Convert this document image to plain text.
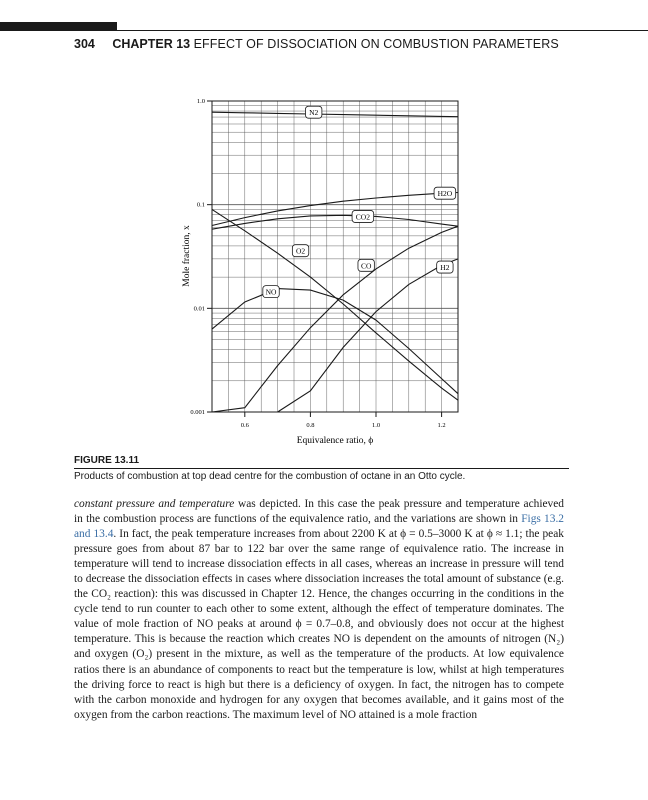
304 CHAPTER 13 EFFECT OF DISSOCIATION ON COMBUSTION PARAMETERS
0.6	0.8	1.0	1.2
0.001
0.01
0.1
1.0
N2
H2O
CO2
O2
CO
NO
H2
Equivalence ratio, ϕ
Mole fraction, x
FIGURE 13.11
Products of combustion at top dead centre for the combustion of octane in an Otto cycle.

constant pressure and temperature was depicted. In this case the peak pressure and temperature achieved in the combustion process are functions of the equivalence ratio, and the variations are shown in Figs 13.2 and 13.4. In fact, the peak temperature increases from about 2200 K at ϕ = 0.5–3000 K at ϕ ≈ 1.1; the peak pressure goes from about 87 bar to 122 bar over the same range of equivalence ratio. The increase in temperature will tend to increase dissociation effects in all cases, whereas an increase in pressure will tend to decrease the dissociation effects in cases where dissociation increases the total amount of substance (e.g. the CO₂ reaction): this was discussed in Chapter 12. Hence, the changes occurring in the conditions in the cycle tend to run counter to each other to some extent, although the effect of temperature dominates. The value of mole fraction of NO peaks at around ϕ = 0.7–0.8, and obviously does not occur at the highest temperature. This is because the reaction which creates NO is dependent on the amounts of nitrogen (N₂) and oxygen (O₂) present in the mixture, as well as the temperature of the products. At low equivalence ratios there is an abundance of components to react but the temperature is low, whilst at high temperatures the driving force to react is high but there is a deficiency of oxygen. In fact, the nitrogen has to compete with the carbon monoxide and hydrogen for any oxygen that becomes available, and it gains most of the oxygen from the carbon reactions. The maximum level of NO attained is a mole fraction
